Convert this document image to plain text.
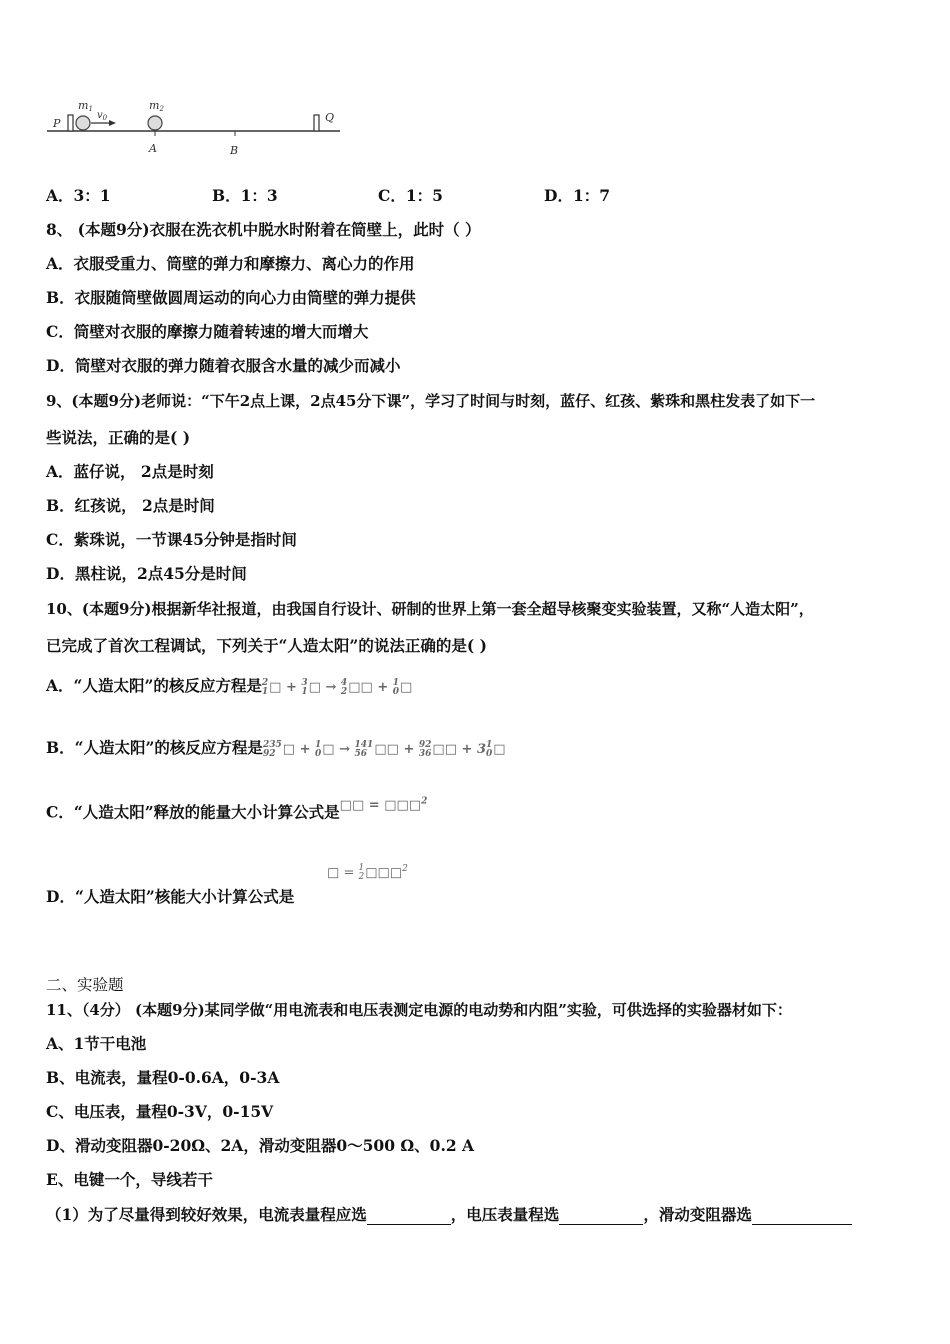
P
m1
$v_0$
m2
A	B
Q
A．3：1	B．1：3	C．1：5	D．1：7
8、 (本题9分)衣服在洗衣机中脱水时附着在筒壁上，此时（ ）
A．衣服受重力、筒壁的弹力和摩擦力、离心力的作用
B．衣服随筒壁做圆周运动的向心力由筒壁的弹力提供
C．筒壁对衣服的摩擦力随着转速的增大而增大
D．筒壁对衣服的弹力随着衣服含水量的减少而减小
9、(本题9分)老师说：“下午2点上课，2点45分下课”，学习了时间与时刻，蓝仔、红孩、紫珠和黑柱发表了如下一
些说法，正确的是( )
A．蓝仔说， 2点是时刻
B．红孩说， 2点是时间
C．紫珠说，一节课45分钟是指时间
D．黑柱说，2点45分是时间
10、(本题9分)根据新华社报道，由我国自行设计、研制的世界上第一套全超导核聚变实验装置，又称“人造太阳”，
已完成了首次工程调试，下列关于“人造太阳”的说法正确的是( )
A．“人造太阳”的核反应方程是 2
1 □ + 3
1 □ → 4
2 □□ + 1
0 □
B．“人造太阳”的核反应方程是 235
92 □ + 1
0 □ → 141
56 □□ + 92
36 □□ + 3 1
0 □
C．“人造太阳”释放的能量大小计算公式是$^{□□ = □□□^2}$
D．“人造太阳”核能大小计算公式是
□ = 1
2 □□□$^2$
二、实验题
11、（4分） (本题9分)某同学做“用电流表和电压表测定电源的电动势和内阻”实验，可供选择的实验器材如下：
A、1节干电池
B、电流表，量程0-0.6A，0-3A
C、电压表，量程0-3V，0-15V
D、滑动变阻器0-20Ω、2A，滑动变阻器0～500 Ω、0.2 A
E、电键一个，导线若干
（1）为了尽量得到较好效果，电流表量程应选	，电压表量程选	，滑动变阻器选
